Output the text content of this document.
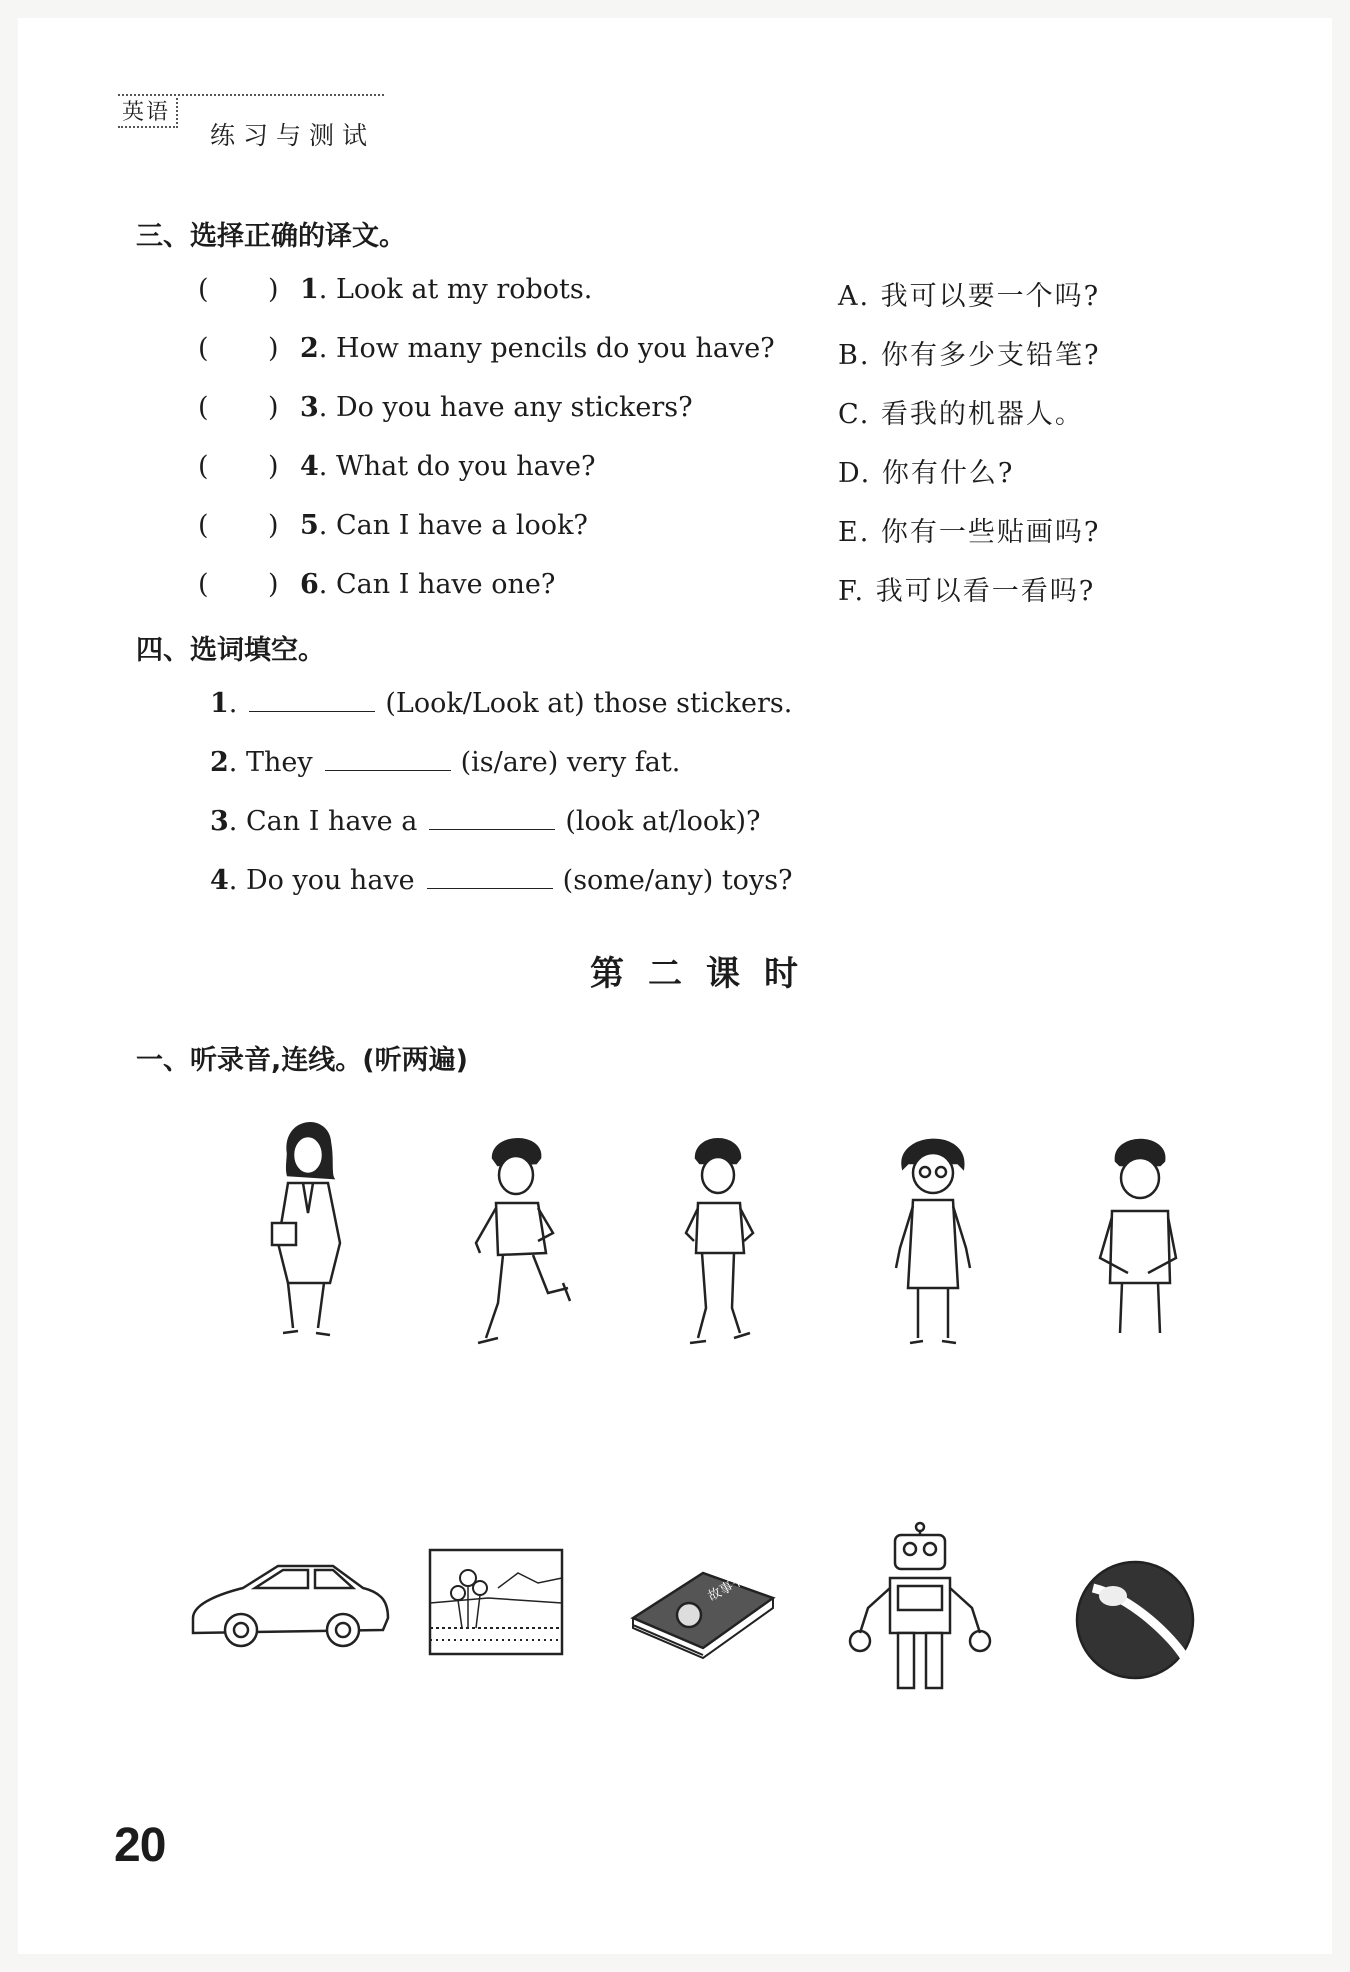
英语
练习与测试
三、选择正确的译文。
( ) 1. Look at my robots.
( ) 2. How many pencils do you have?
( ) 3. Do you have any stickers?
( ) 4. What do you have?
( ) 5. Can I have a look?
( ) 6. Can I have one?
A. 我可以要一个吗?
B. 你有多少支铅笔?
C. 看我的机器人。
D. 你有什么?
E. 你有一些贴画吗?
F. 我可以看一看吗?
四、选词填空。
1.	(Look/Look at) those stickers.
2. They	(is/are) very fat.
3. Can I have a	(look at/look)?
4. Do you have	(some/any) toys?
第二课时
一、听录音,连线。(听两遍)
故事书
20
